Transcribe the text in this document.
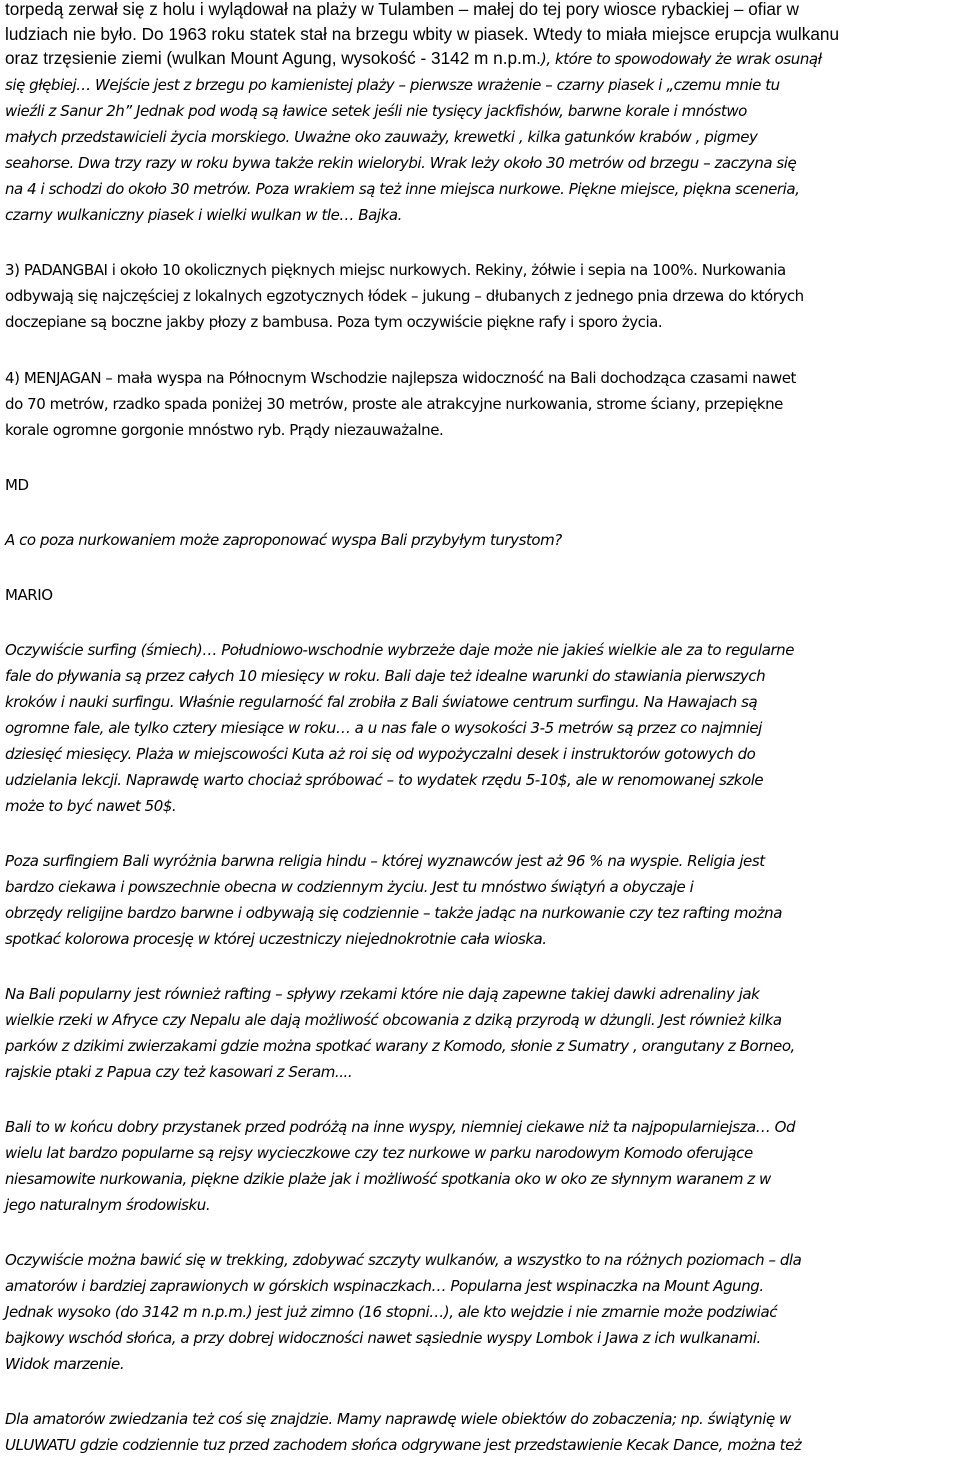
torpedą zerwał się z holu i wylądował na plaży w Tulamben – małej do tej pory wiosce rybackiej – ofiar w
ludziach nie było. Do 1963 roku statek stał na brzegu wbity w piasek. Wtedy to miała miejsce erupcja wulkanu
oraz trzęsienie ziemi (wulkan Mount Agung, wysokość - 3142 m n.p.m.), które to spowodowały że wrak osunął
się głębiej… Wejście jest z brzegu po kamienistej plaży – pierwsze wrażenie – czarny piasek i „czemu mnie tu
wieźli z Sanur 2h” Jednak pod wodą są ławice setek jeśli nie tysięcy jackfishów, barwne korale i mnóstwo
małych przedstawicieli życia morskiego. Uważne oko zauważy, krewetki , kilka gatunków krabów , pigmey
seahorse. Dwa trzy razy w roku bywa także rekin wielorybi. Wrak leży około 30 metrów od brzegu – zaczyna się
na 4 i schodzi do około 30 metrów. Poza wrakiem są też inne miejsca nurkowe. Piękne miejsce, piękna sceneria,
czarny wulkaniczny piasek i wielki wulkan w tle… Bajka.
3) PADANGBAI i około 10 okolicznych pięknych miejsc nurkowych. Rekiny, żółwie i sepia na 100%. Nurkowania
odbywają się najczęściej z lokalnych egzotycznych łódek – jukung – dłubanych z jednego pnia drzewa do których
doczepiane są boczne jakby płozy z bambusa. Poza tym oczywiście piękne rafy i sporo życia.
4) MENJAGAN – mała wyspa na Północnym Wschodzie najlepsza widoczność na Bali dochodząca czasami nawet
do 70 metrów, rzadko spada poniżej 30 metrów, proste ale atrakcyjne nurkowania, strome ściany, przepiękne
korale ogromne gorgonie mnóstwo ryb. Prądy niezauważalne.
MD
A co poza nurkowaniem może zaproponować wyspa Bali przybyłym turystom?
MARIO
Oczywiście surfing (śmiech)… Południowo-wschodnie wybrzeże daje może nie jakieś wielkie ale za to regularne
fale do pływania są przez całych 10 miesięcy w roku. Bali daje też idealne warunki do stawiania pierwszych
kroków i nauki surfingu. Właśnie regularność fal zrobiła z Bali światowe centrum surfingu. Na Hawajach są
ogromne fale, ale tylko cztery miesiące w roku… a u nas fale o wysokości 3-5 metrów są przez co najmniej
dziesięć miesięcy. Plaża w miejscowości Kuta aż roi się od wypożyczalni desek i instruktorów gotowych do
udzielania lekcji. Naprawdę warto chociaż spróbować – to wydatek rzędu 5-10$, ale w renomowanej szkole
może to być nawet 50$.
Poza surfingiem Bali wyróżnia barwna religia hindu – której wyznawców jest aż 96 % na wyspie. Religia jest
bardzo ciekawa i powszechnie obecna w codziennym życiu. Jest tu mnóstwo świątyń a obyczaje i
obrzędy religijne bardzo barwne i odbywają się codziennie – także jadąc na nurkowanie czy tez rafting można
spotkać kolorowa procesję w której uczestniczy niejednokrotnie cała wioska.
Na Bali popularny jest również rafting – spływy rzekami które nie dają zapewne takiej dawki adrenaliny jak
wielkie rzeki w Afryce czy Nepalu ale dają możliwość obcowania z dziką przyrodą w dżungli. Jest również kilka
parków z dzikimi zwierzakami gdzie można spotkać warany z Komodo, słonie z Sumatry , orangutany z Borneo,
rajskie ptaki z Papua czy też kasowari z Seram....
Bali to w końcu dobry przystanek przed podróżą na inne wyspy, niemniej ciekawe niż ta najpopularniejsza… Od
wielu lat bardzo popularne są rejsy wycieczkowe czy tez nurkowe w parku narodowym Komodo oferujące
niesamowite nurkowania, piękne dzikie plaże jak i możliwość spotkania oko w oko ze słynnym waranem z w
jego naturalnym środowisku.
Oczywiście można bawić się w trekking, zdobywać szczyty wulkanów, a wszystko to na różnych poziomach – dla
amatorów i bardziej zaprawionych w górskich wspinaczkach… Popularna jest wspinaczka na Mount Agung.
Jednak wysoko (do 3142 m n.p.m.) jest już zimno (16 stopni…), ale kto wejdzie i nie zmarnie może podziwiać
bajkowy wschód słońca, a przy dobrej widoczności nawet sąsiednie wyspy Lombok i Jawa z ich wulkanami.
Widok marzenie.
Dla amatorów zwiedzania też coś się znajdzie. Mamy naprawdę wiele obiektów do zobaczenia; np. świątynię w
ULUWATU gdzie codziennie tuz przed zachodem słońca odgrywane jest przedstawienie Kecak Dance, można też
